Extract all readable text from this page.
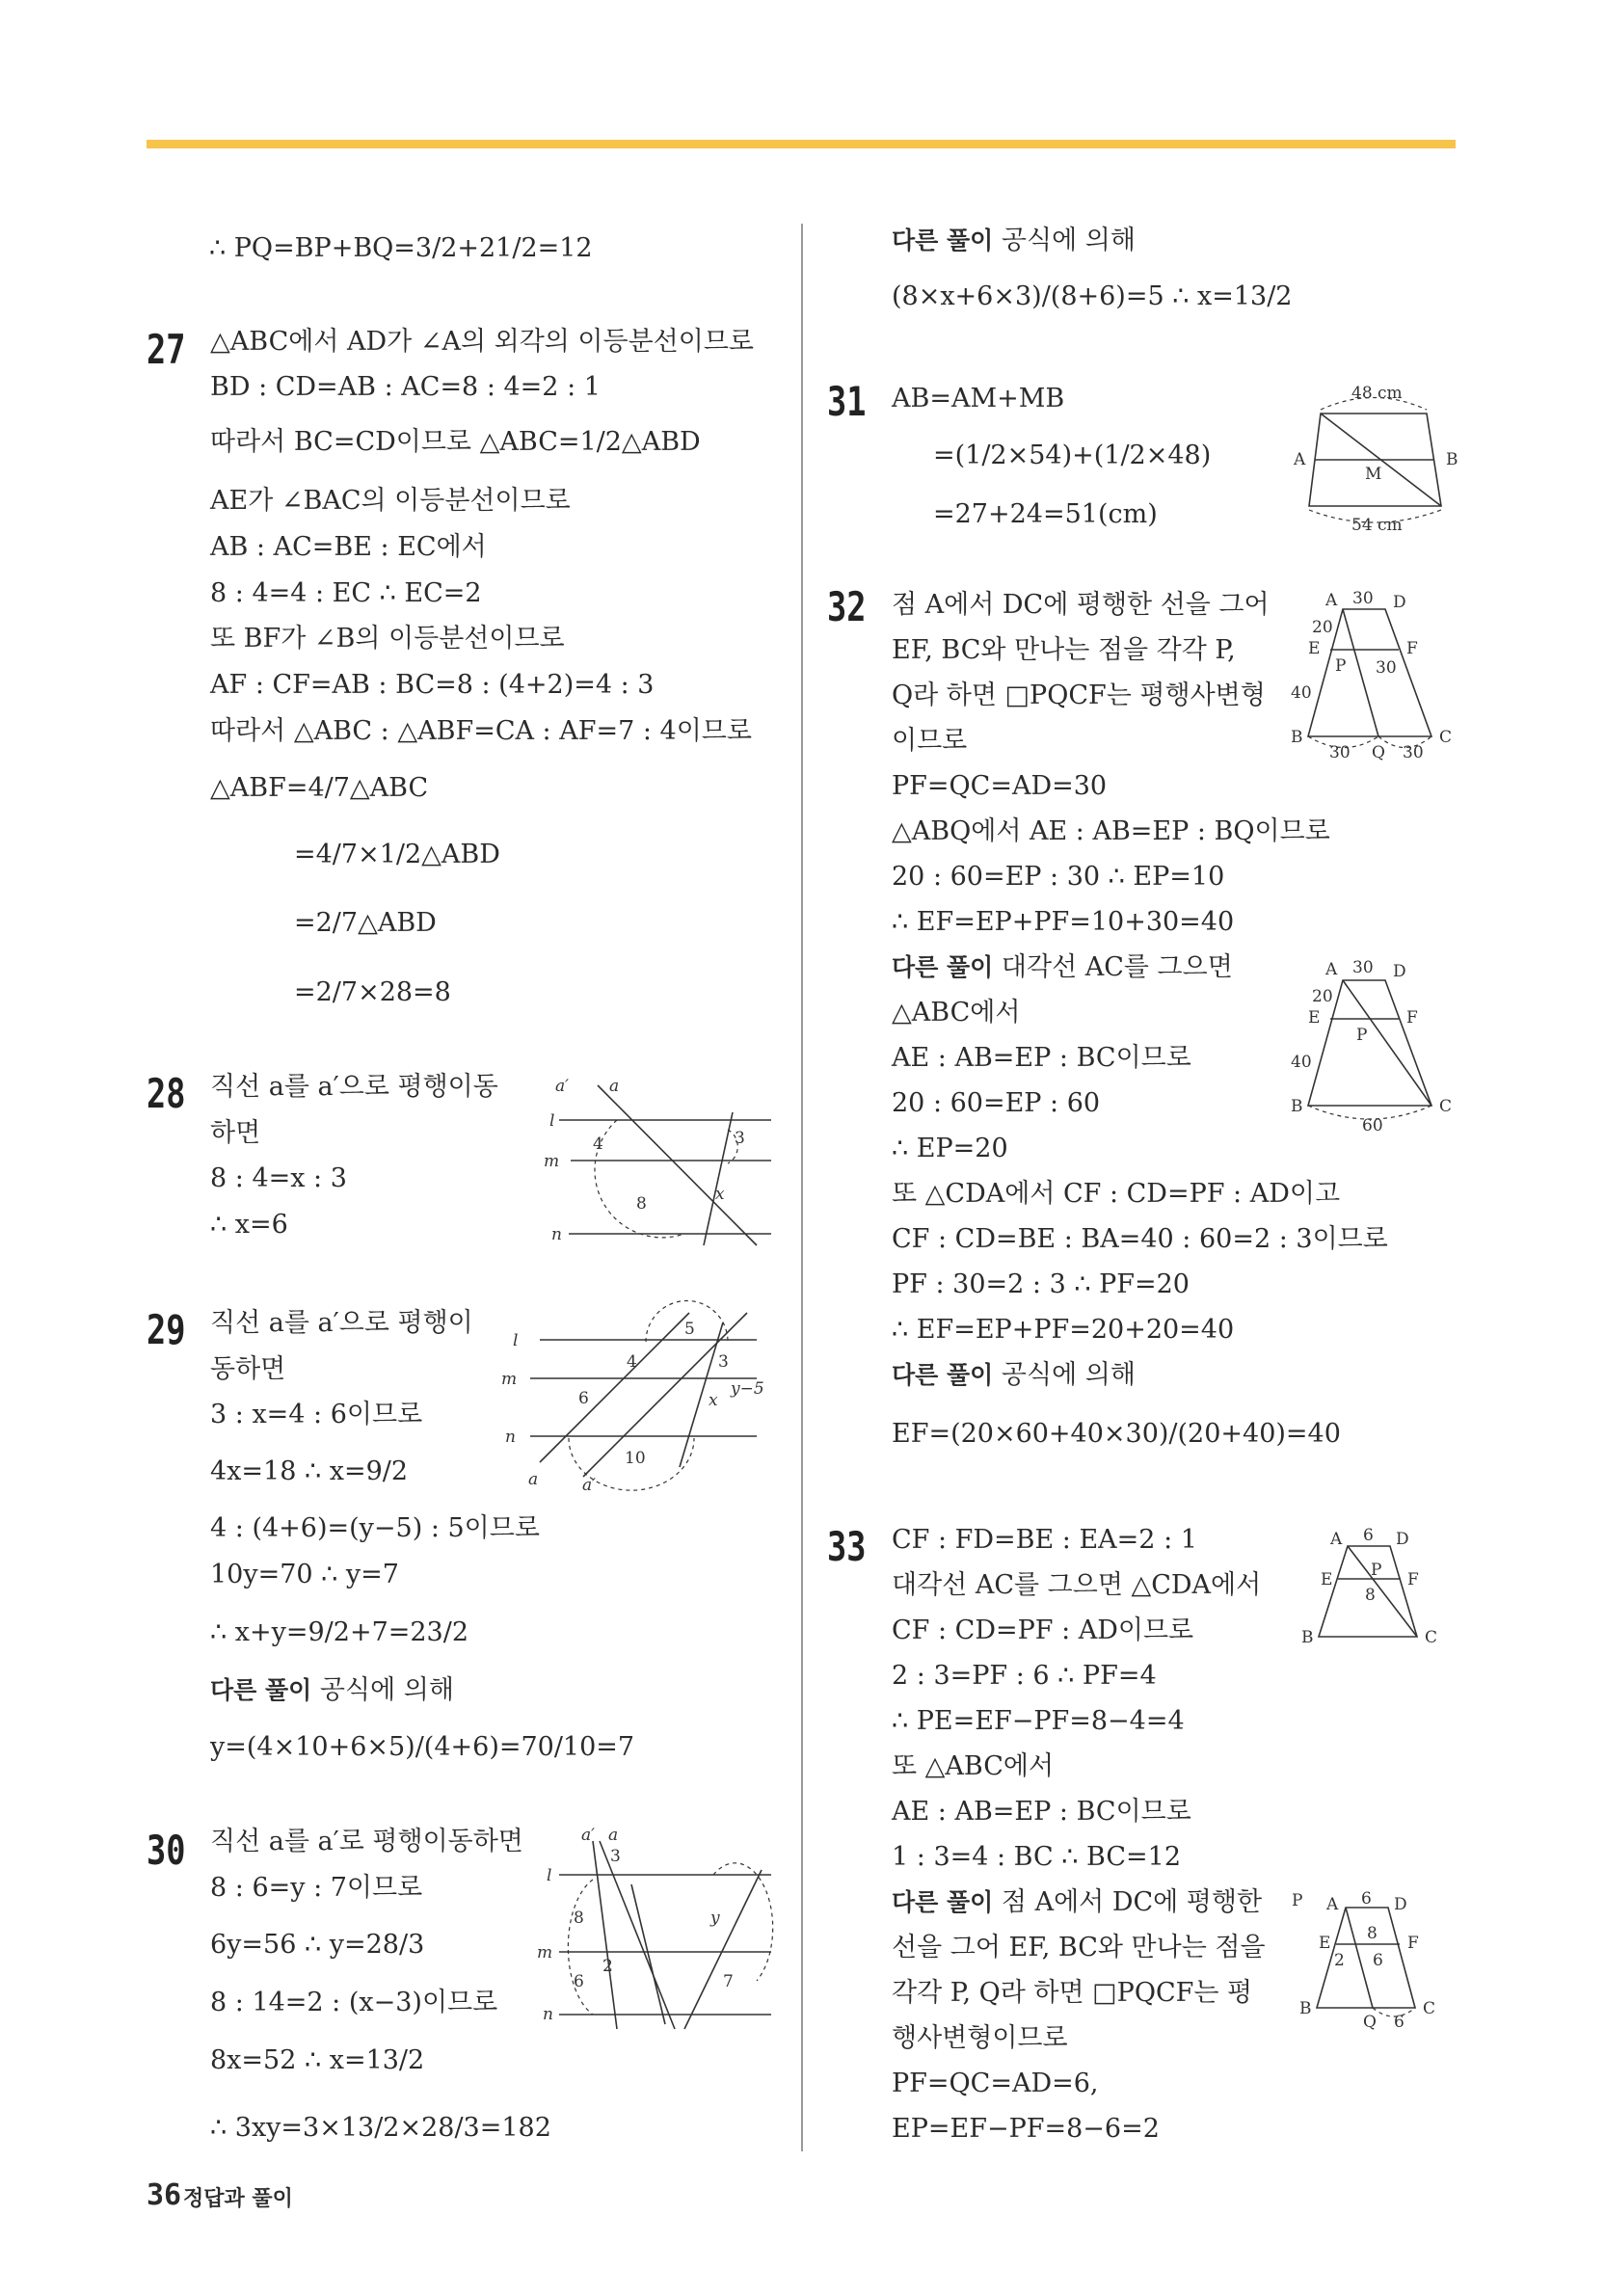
∴ PQ=BP+BQ=3/2+21/2=12
27 △ABC에서 AD가 ∠A의 외각의 이등분선이므로
BD : CD=AB : AC=8 : 4=2 : 1
따라서 BC=CD이므로 △ABC=1/2△ABD
AE가 ∠BAC의 이등분선이므로
AB : AC=BE : EC에서
8 : 4=4 : EC ∴ EC=2
또 BF가 ∠B의 이등분선이므로
AF : CF=AB : BC=8 : (4+2)=4 : 3
따라서 △ABC : △ABF=CA : AF=7 : 4이므로
△ABF=4/7△ABC
=4/7×1/2△ABD
=2/7△ABD
=2/7×28=8
28 직선 a를 a′으로 평행이동
하면
8 : 4=x : 3
∴ x=6
a′ a
l
m
n
4	3
8	x
29 직선 a를 a′으로 평행이
동하면
3 : x=4 : 6이므로
4x=18 ∴ x=9/2
4 : (4+6)=(y−5) : 5이므로
10y=70 ∴ y=7
∴ x+y=9/2+7=23/2
다른 풀이 공식에 의해
y=(4×10+6×5)/(4+6)=70/10=7
l
m
n
a	a′
4
5
3
6	x
y−5
10
30 직선 a를 a′로 평행이동하면
8 : 6=y : 7이므로
6y=56 ∴ y=28/3
8 : 14=2 : (x−3)이므로
8x=52 ∴ x=13/2
∴ 3xy=3×13/2×28/3=182
a′ a
l
m
n
3
8	y
2
6	7
다른 풀이 공식에 의해
(8×x+6×3)/(8+6)=5 ∴ x=13/2
31 AB=AM+MB
=(1/2×54)+(1/2×48)
=27+24=51(cm)
48 cm
A	B
M
54 cm
32 점 A에서 DC에 평행한 선을 그어
EF, BC와 만나는 점을 각각 P,
Q라 하면 □PQCF는 평행사변형
이므로
PF=QC=AD=30
△ABQ에서 AE : AB=EP : BQ이므로
20 : 60=EP : 30 ∴ EP=10
∴ EF=EP+PF=10+30=40
다른 풀이 대각선 AC를 그으면
△ABC에서
AE : AB=EP : BC이므로
20 : 60=EP : 60
∴ EP=20
또 △CDA에서 CF : CD=PF : AD이고
CF : CD=BE : BA=40 : 60=2 : 3이므로
PF : 30=2 : 3 ∴ PF=20
∴ EF=EP+PF=20+20=40
다른 풀이 공식에 의해
EF=(20×60+40×30)/(20+40)=40
A 30 D
20
E	F
P 30
40
B	C
30 Q 30
A 30 D
20
E	F
P
40
B	C
60
33 CF : FD=BE : EA=2 : 1
대각선 AC를 그으면 △CDA에서
CF : CD=PF : AD이므로
2 : 3=PF : 6 ∴ PF=4
∴ PE=EF−PF=8−4=4
또 △ABC에서
AE : AB=EP : BC이므로
1 : 3=4 : BC ∴ BC=12
다른 풀이 점 A에서 DC에 평행한
선을 그어 EF, BC와 만나는 점을
각각 P, Q라 하면 □PQCF는 평
행사변형이므로
PF=QC=AD=6,
EP=EF−PF=8−6=2
A 6 D
E P F
8
B	C
P A 6 D
E 8 F
2 6
B
Q 6
C
36 정답과 풀이
